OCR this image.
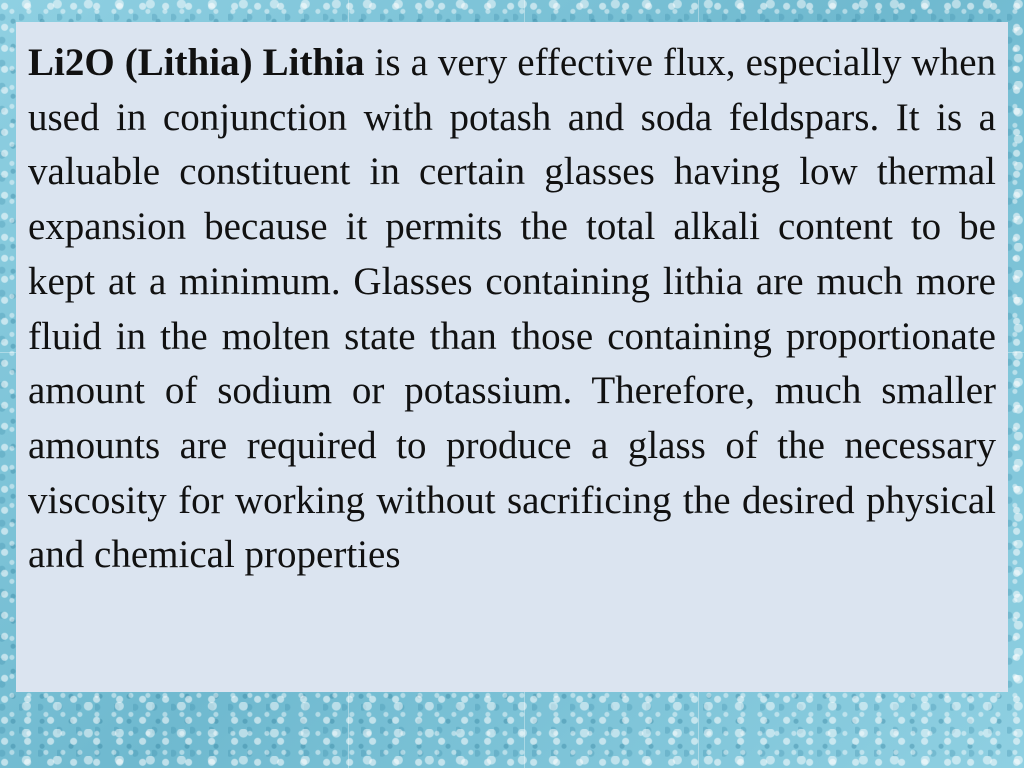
Li2O (Lithia) Lithia is a very effective flux, especially when used in conjunction with potash and soda feldspars. It is a valuable constituent in certain glasses having low thermal expansion because it permits the total alkali content to be kept at a minimum. Glasses containing lithia are much more fluid in the molten state than those containing proportionate amount of sodium or potassium. Therefore, much smaller amounts are required to produce a glass of the necessary viscosity for working without sacrificing the desired physical and chemical properties
